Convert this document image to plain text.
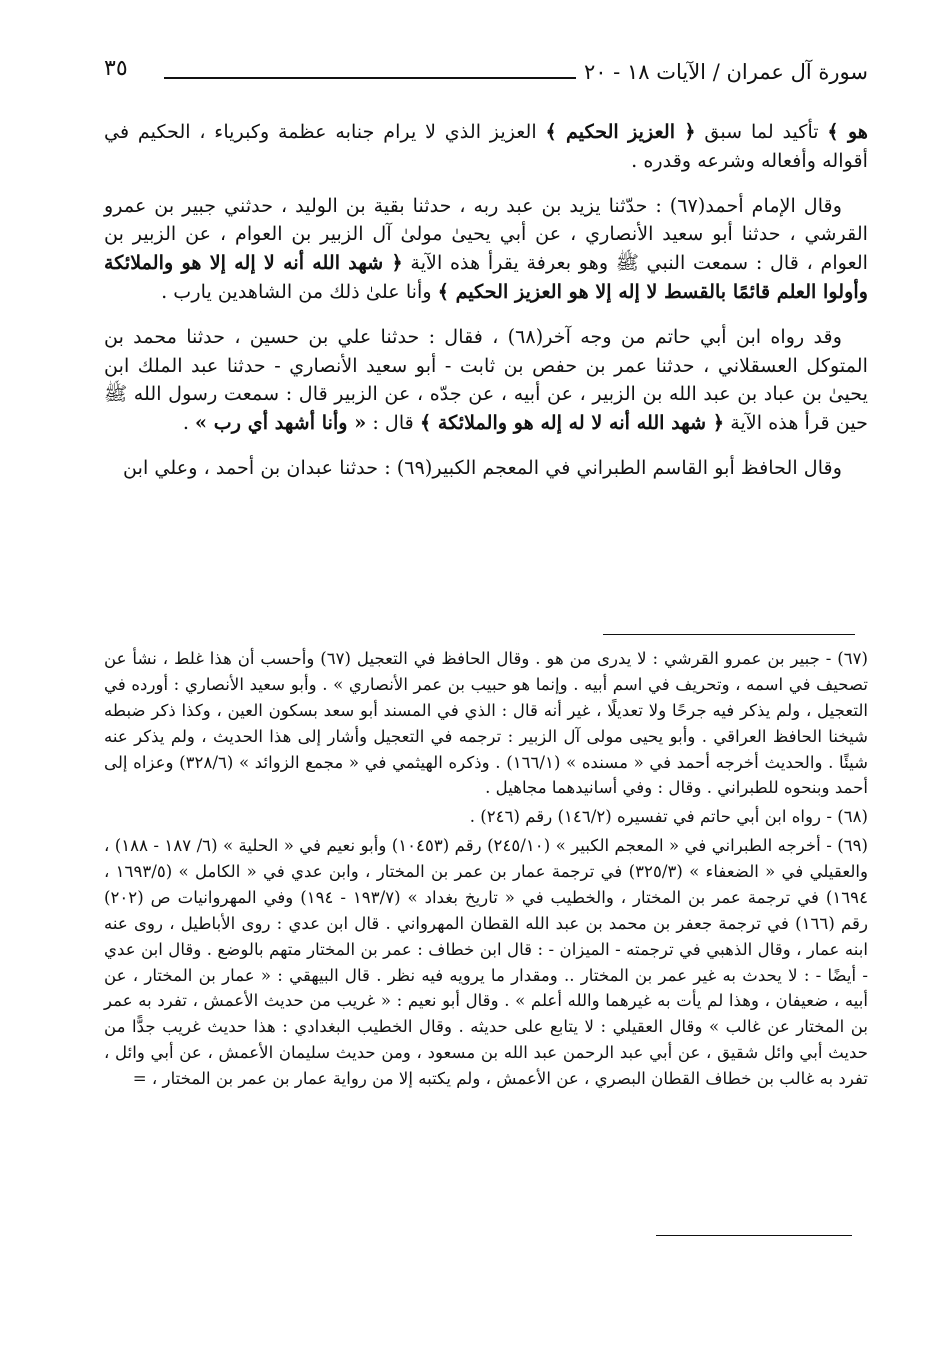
سورة آل عمران / الآيات ١٨ - ٢٠
٣٥

هو ﴾ تأكيد لما سبق ﴿ العزيز الحكيم ﴾ العزيز الذي لا يرام جنابه عظمة وكبرياء ، الحكيم في أقواله وأفعاله وشرعه وقدره .

وقال الإمام أحمد(٦٧) : حدّثنا يزيد بن عبد ربه ، حدثنا بقية بن الوليد ، حدثني جبير بن عمرو القرشي ، حدثنا أبو سعيد الأنصاري ، عن أبي يحيىٰ مولىٰ آل الزبير بن العوام ، عن الزبير بن العوام ، قال : سمعت النبي ﷺ وهو بعرفة يقرأ هذه الآية ﴿ شهد الله أنه لا إله إلا هو والملائكة وأولوا العلم قائمًا بالقسط لا إله إلا هو العزيز الحكيم ﴾ وأنا علىٰ ذلك من الشاهدين يارب .

وقد رواه ابن أبي حاتم من وجه آخر(٦٨) ، فقال : حدثنا علي بن حسين ، حدثنا محمد بن المتوكل العسقلاني ، حدثنا عمر بن حفص بن ثابت - أبو سعيد الأنصاري - حدثنا عبد الملك ابن يحيىٰ بن عباد بن عبد الله بن الزبير ، عن أبيه ، عن جدّه ، عن الزبير قال : سمعت رسول الله ﷺ حين قرأ هذه الآية ﴿ شهد الله أنه لا له إله هو والملائكة ﴾ قال : « وأنا أشهد أي رب » .

وقال الحافظ أبو القاسم الطبراني في المعجم الكبير(٦٩) : حدثنا عبدان بن أحمد ، وعلي ابن

(٦٧) - جبير بن عمرو القرشي : لا يدرى من هو . وقال الحافظ في التعجيل (٦٧) وأحسب أن هذا غلط ، نشأ عن تصحيف في اسمه ، وتحريف في اسم أبيه . وإنما هو حبيب بن عمر الأنصاري » . وأبو سعيد الأنصاري : أورده في التعجيل ، ولم يذكر فيه جرحًا ولا تعديلًا ، غير أنه قال : الذي في المسند أبو سعد بسكون العين ، وكذا ذكر ضبطه شيخنا الحافظ العراقي . وأبو يحيى مولى آل الزبير : ترجمه في التعجيل وأشار إلى هذا الحديث ، ولم يذكر عنه شيئًا . والحديث أخرجه أحمد في « مسنده » (١٦٦/١) . وذكره الهيثمي في « مجمع الزوائد » (٣٢٨/٦) وعزاه إلى أحمد وبنحوه للطبراني . وقال : وفي أسانيدهما مجاهيل .

(٦٨) - رواه ابن أبي حاتم في تفسيره (١٤٦/٢) رقم (٢٤٦) .

(٦٩) - أخرجه الطبراني في « المعجم الكبير » (٢٤٥/١٠) رقم (١٠٤٥٣) وأبو نعيم في « الحلية » (٦/ ١٨٧ - ١٨٨) ، والعقيلي في « الضعفاء » (٣٢٥/٣) في ترجمة عمار بن عمر بن المختار ، وابن عدي في « الكامل » (١٦٩٣/٥ ، ١٦٩٤) في ترجمة عمر بن المختار ، والخطيب في « تاريخ بغداد » (١٩٣/٧ - ١٩٤) وفي المهروانيات ص (٢٠٢) رقم (١٦٦) في ترجمة جعفر بن محمد بن عبد الله القطان المهرواني . قال ابن عدي : روى الأباطيل ، روى عنه ابنه عمار ، وقال الذهبي في ترجمته - الميزان - : قال ابن خطاف : عمر بن المختار متهم بالوضع . وقال ابن عدي - أيضًا - : لا يحدث به غير عمر بن المختار .. ومقدار ما يرويه فيه نظر . قال البيهقي : « عمار بن المختار ، عن أبيه ، ضعيفان ، وهذا لم يأت به غيرهما والله أعلم » . وقال أبو نعيم : « غريب من حديث الأعمش ، تفرد به عمر بن المختار عن غالب » وقال العقيلي : لا يتابع على حديثه . وقال الخطيب البغدادي : هذا حديث غريب جدًّا من حديث أبي وائل شقيق ، عن أبي عبد الرحمن عبد الله بن مسعود ، ومن حديث سليمان الأعمش ، عن أبي وائل ، تفرد به غالب بن خطاف القطان البصري ، عن الأعمش ، ولم يكتبه إلا من رواية عمار بن عمر بن المختار ، =
